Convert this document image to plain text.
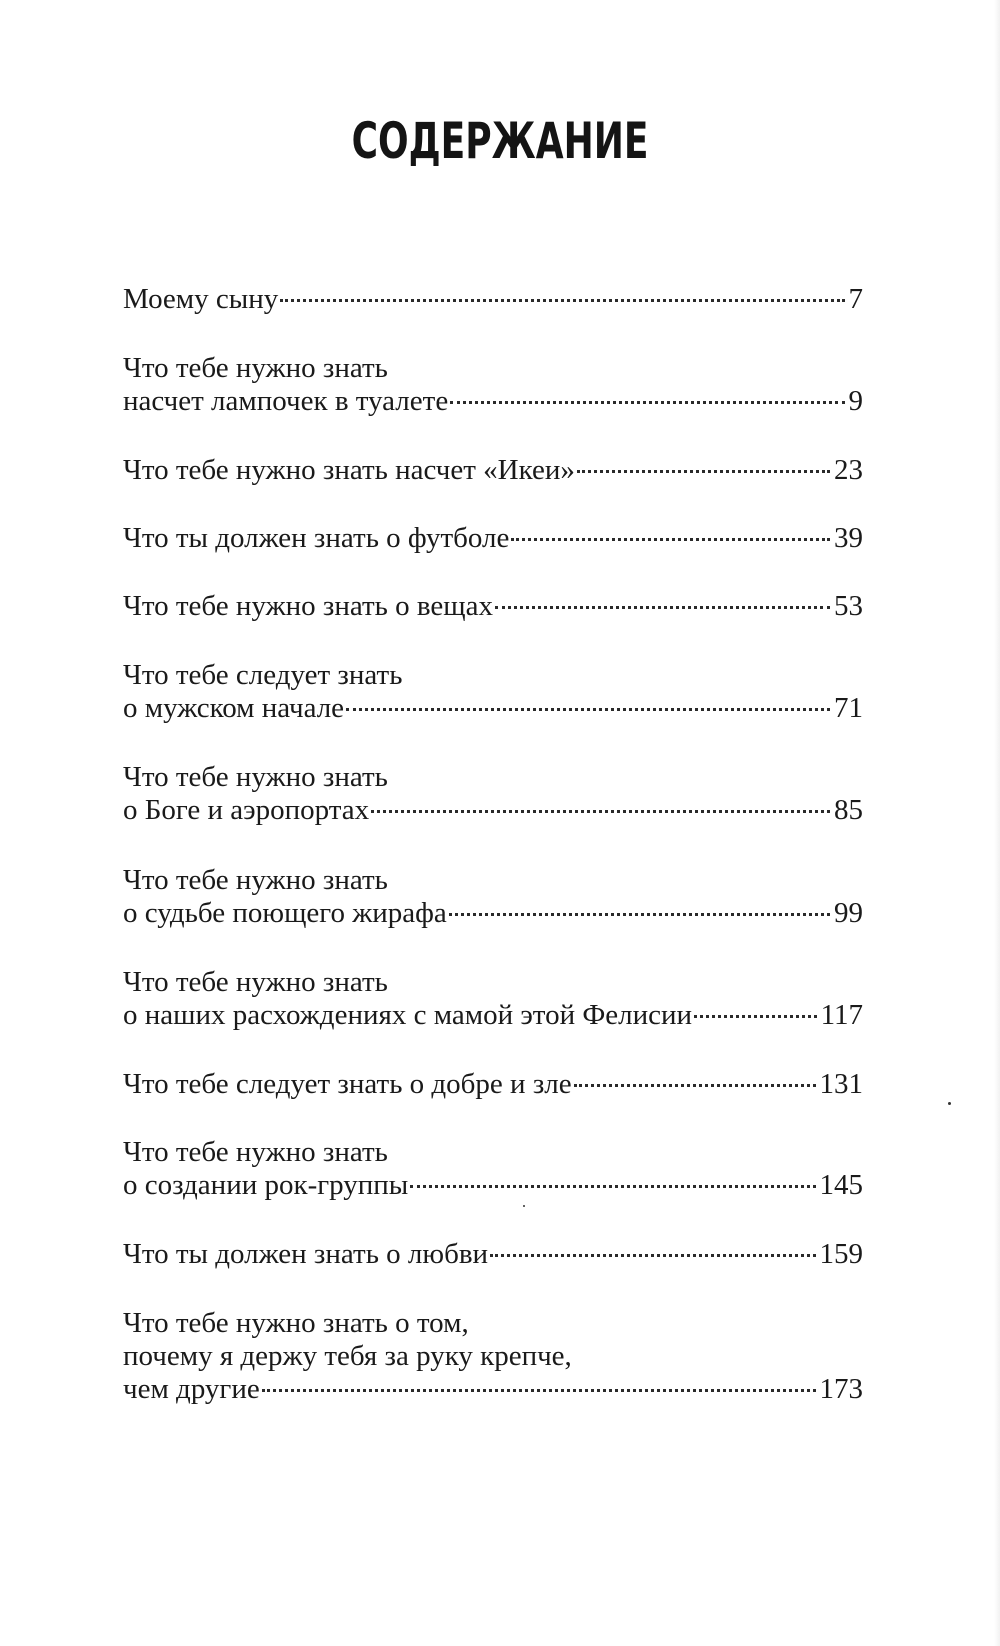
СОДЕРЖАНИЕ
Моему сыну	7
Что тебе нужно знать
насчет лампочек в туалете	9
Что тебе нужно знать насчет «Икеи»	23
Что ты должен знать о футболе	39
Что тебе нужно знать о вещах	53
Что тебе следует знать
о мужском начале	71
Что тебе нужно знать
о Боге и аэропортах	85
Что тебе нужно знать
о судьбе поющего жирафа	99
Что тебе нужно знать
о наших расхождениях с мамой этой Фелисии	117
Что тебе следует знать о добре и зле	131
Что тебе нужно знать
о создании рок-группы	145
Что ты должен знать о любви	159
Что тебе нужно знать о том,
почему я держу тебя за руку крепче,
чем другие	173
